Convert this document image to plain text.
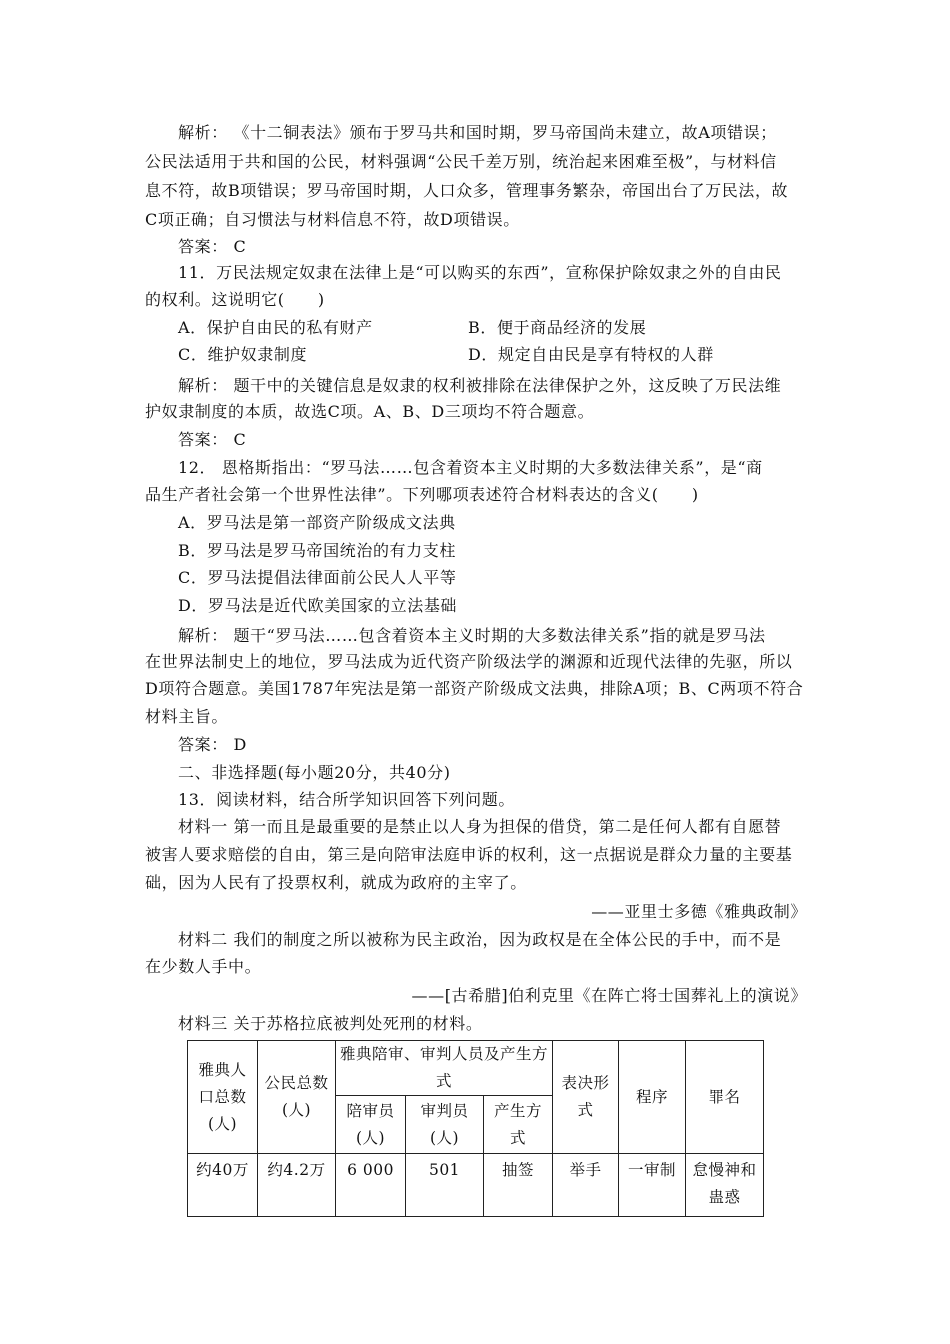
解析： 《十二铜表法》颁布于罗马共和国时期，罗马帝国尚未建立，故A项错误；
公民法适用于共和国的公民，材料强调“公民千差万别，统治起来困难至极”，与材料信
息不符，故B项错误；罗马帝国时期，人口众多，管理事务繁杂，帝国出台了万民法，故
C项正确；自习惯法与材料信息不符，故D项错误。
答案： C
11．万民法规定奴隶在法律上是“可以购买的东西”，宣称保护除奴隶之外的自由民
的权利。这说明它(　　)
A．保护自由民的私有财产	B．便于商品经济的发展
C．维护奴隶制度	D．规定自由民是享有特权的人群
解析： 题干中的关键信息是奴隶的权利被排除在法律保护之外，这反映了万民法维
护奴隶制度的本质，故选C项。A、B、D三项均不符合题意。
答案： C
12． 恩格斯指出：“罗马法……包含着资本主义时期的大多数法律关系”，是“商
品生产者社会第一个世界性法律”。下列哪项表述符合材料表达的含义(　　)
A．罗马法是第一部资产阶级成文法典
B．罗马法是罗马帝国统治的有力支柱
C．罗马法提倡法律面前公民人人平等
D．罗马法是近代欧美国家的立法基础
解析： 题干“罗马法……包含着资本主义时期的大多数法律关系”指的就是罗马法
在世界法制史上的地位，罗马法成为近代资产阶级法学的渊源和近现代法律的先驱，所以
D项符合题意。美国1787年宪法是第一部资产阶级成文法典，排除A项；B、C两项不符合
材料主旨。
答案： D
二、非选择题(每小题20分，共40分)
13．阅读材料，结合所学知识回答下列问题。
材料一 第一而且是最重要的是禁止以人身为担保的借贷，第二是任何人都有自愿替
被害人要求赔偿的自由，第三是向陪审法庭申诉的权利，这一点据说是群众力量的主要基
础，因为人民有了投票权利，就成为政府的主宰了。
——亚里士多德《雅典政制》
材料二 我们的制度之所以被称为民主政治，因为政权是在全体公民的手中，而不是
在少数人手中。
——[古希腊]伯利克里《在阵亡将士国葬礼上的演说》
材料三 关于苏格拉底被判处死刑的材料。
雅典人口总数(人)	公民总数(人)	雅典陪审、审判人员及产生方式			表决形式	程序	罪名
		陪审员(人)	审判员(人)	产生方式			
约40万	约4.2万	6 000	501	抽签	举手	一审制	怠慢神和蛊惑
